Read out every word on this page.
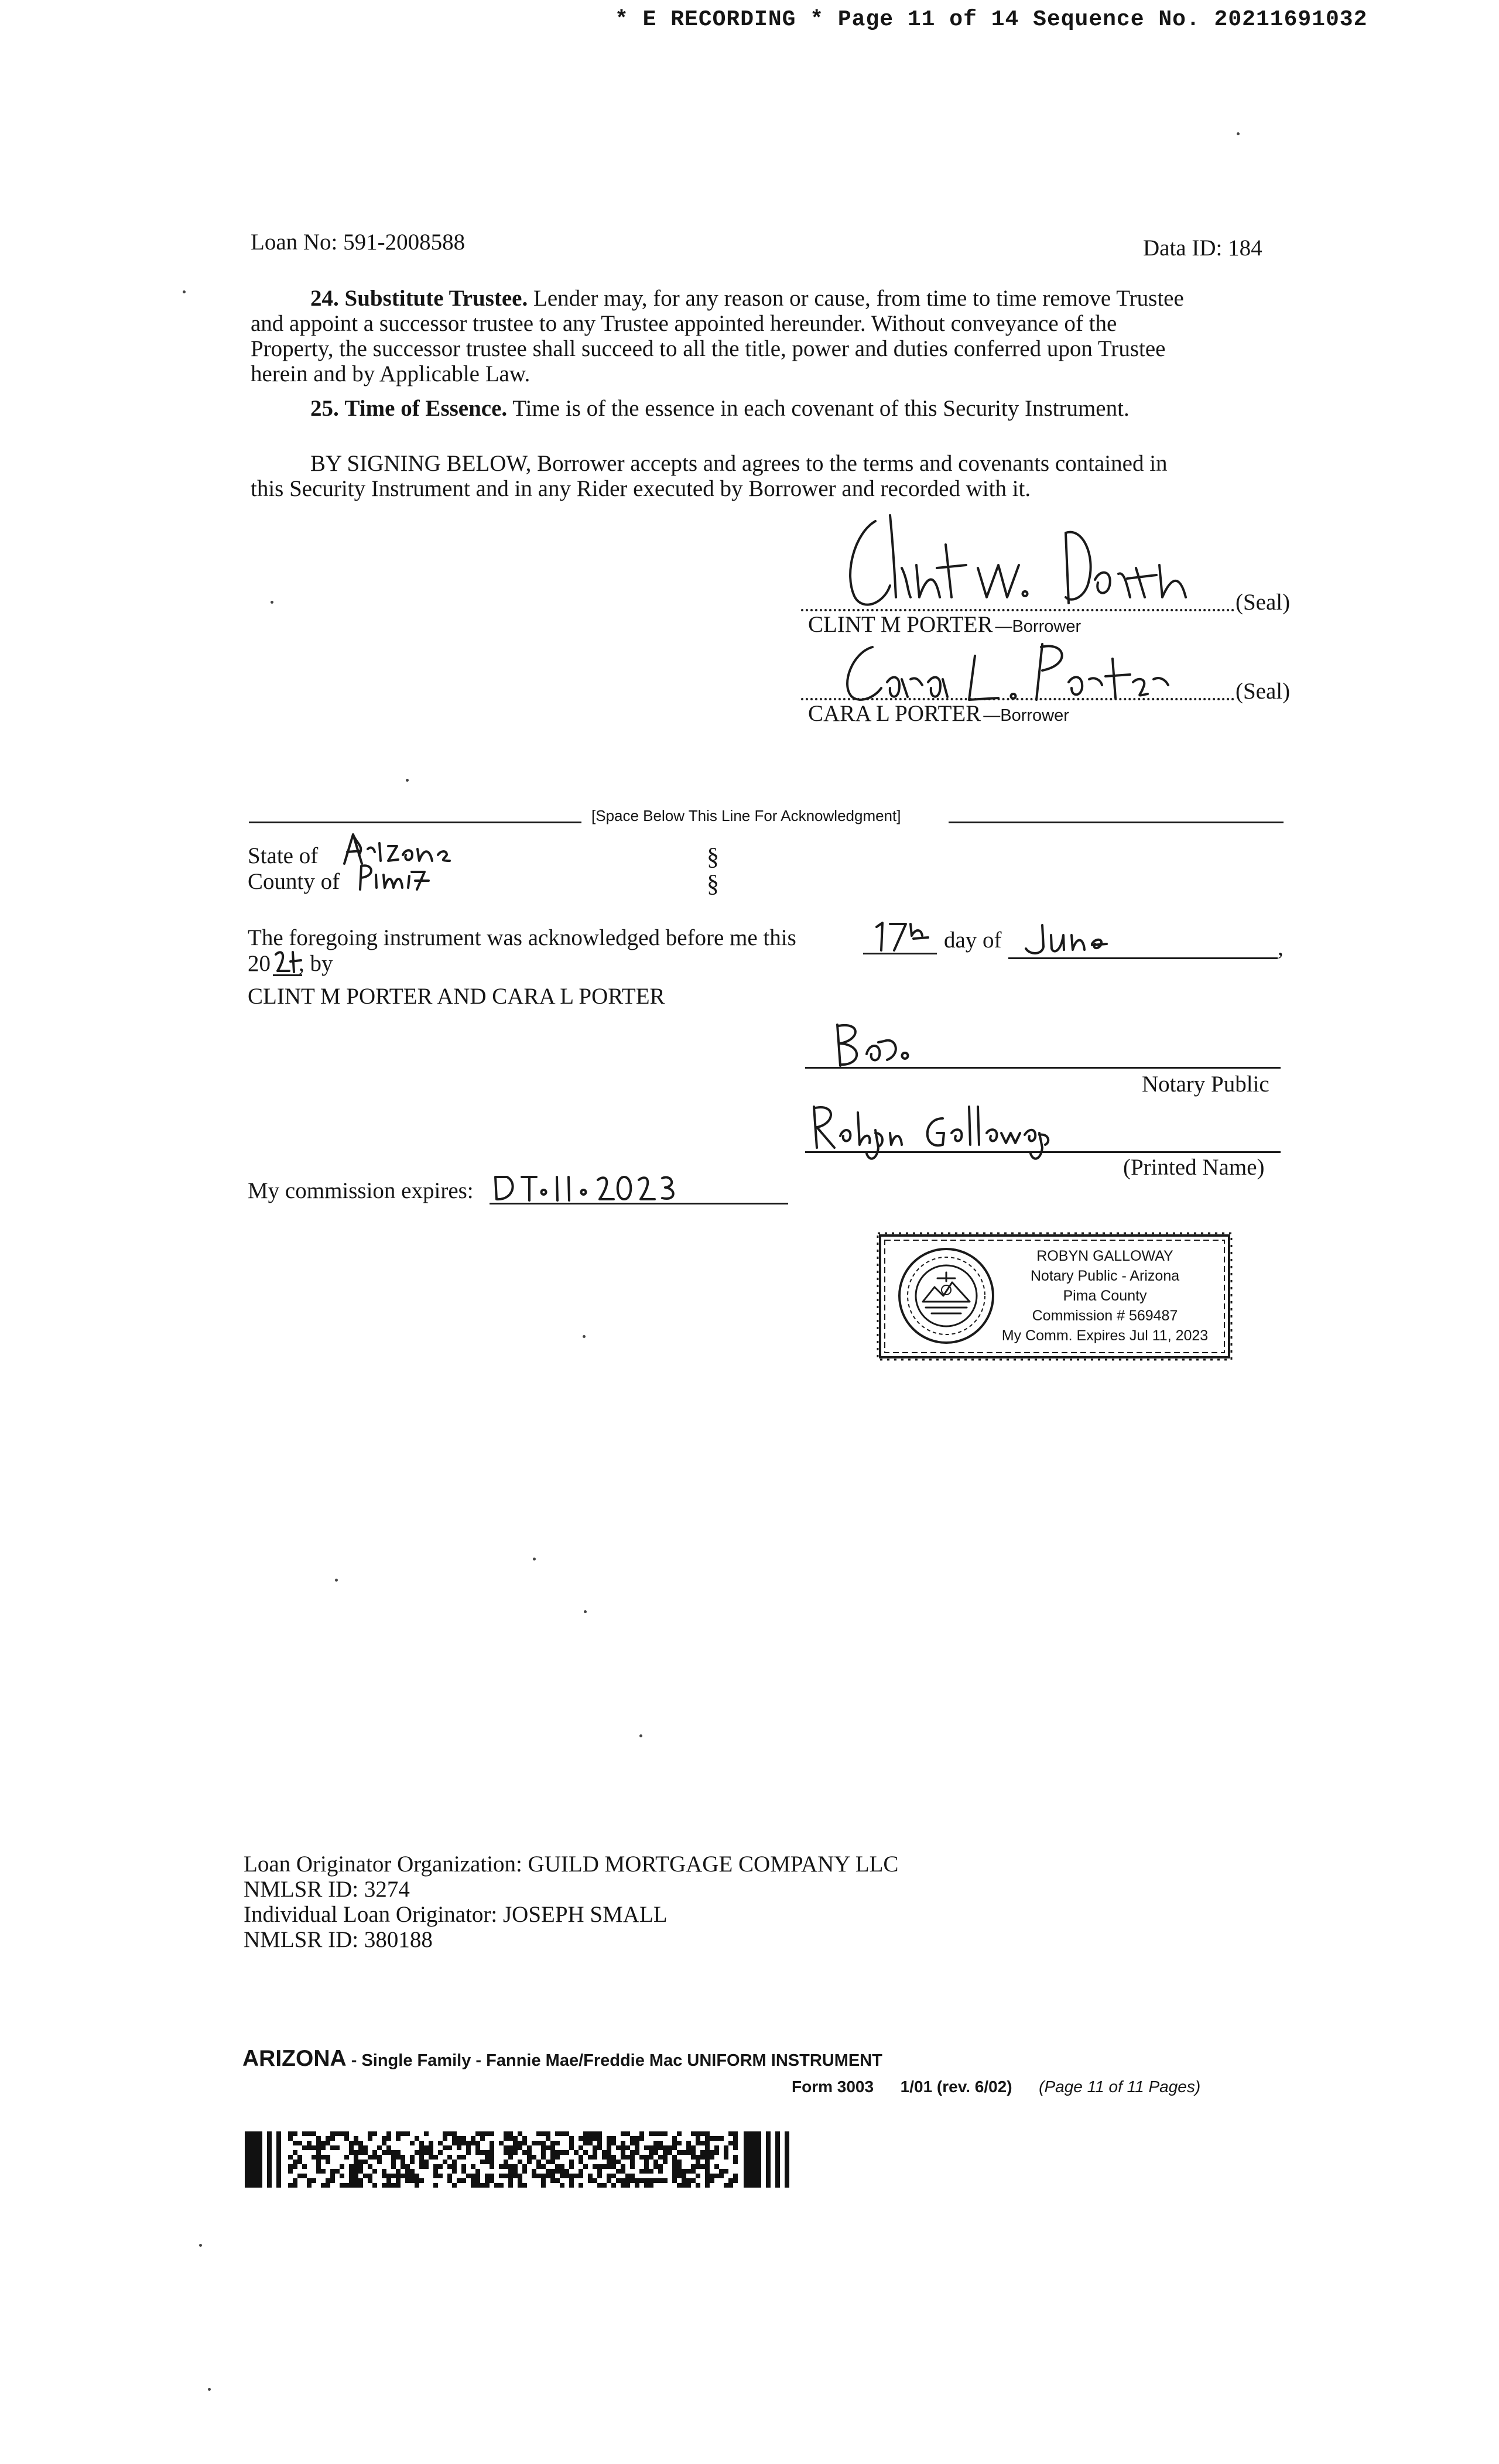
* E RECORDING * Page 11 of 14 Sequence No. 20211691032
Loan No: 591-2008588	Data ID: 184
24. Substitute Trustee. Lender may, for any reason or cause, from time to time remove Trustee
and appoint a successor trustee to any Trustee appointed hereunder. Without conveyance of the
Property, the successor trustee shall succeed to all the title, power and duties conferred upon Trustee
herein and by Applicable Law.
25. Time of Essence. Time is of the essence in each covenant of this Security Instrument.
BY SIGNING BELOW, Borrower accepts and agrees to the terms and covenants contained in
this Security Instrument and in any Rider executed by Borrower and recorded with it.
(Seal)
CLINT M PORTER —Borrower
(Seal)
CARA L PORTER —Borrower
[Space Below This Line For Acknowledgment]
State of	§
County of	§
The foregoing instrument was acknowledged before me this	day of	,
20 , by
CLINT M PORTER AND CARA L PORTER
Notary Public
(Printed Name)
My commission expires:
ROBYN GALLOWAY
Notary Public - Arizona
Pima County
Commission # 569487
My Comm. Expires Jul 11, 2023
Loan Originator Organization: GUILD MORTGAGE COMPANY LLC
NMLSR ID: 3274
Individual Loan Originator: JOSEPH SMALL
NMLSR ID: 380188
ARIZONA - Single Family - Fannie Mae/Freddie Mac UNIFORM INSTRUMENT
Form 3003 1/01 (rev. 6/02) (Page 11 of 11 Pages)
